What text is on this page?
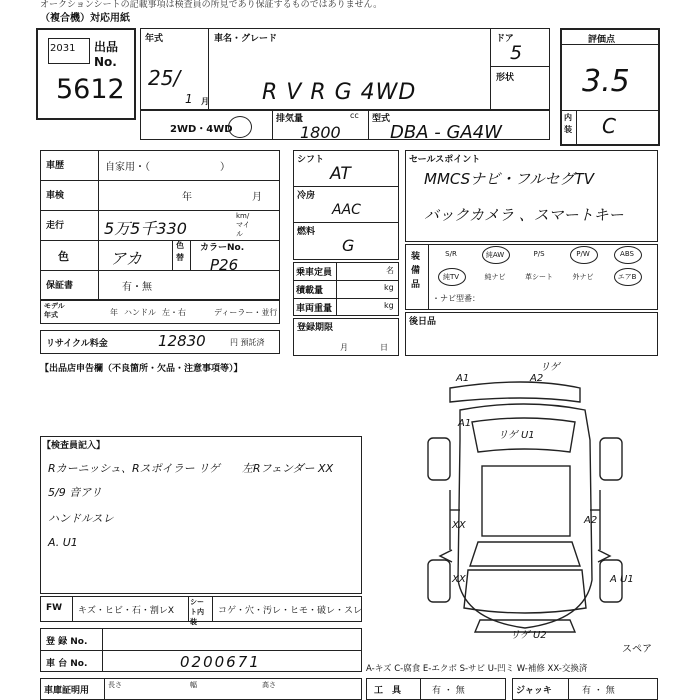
オークションシートの記載事項は検査員の所見であり保証するものではありません。
（複合機）対応用紙
2031 出品No.
5612
年式
25/
1 月
車名・グレード
R V R G 4WD
ドア
5
形状
評価点
3.5
内装 C
2WD・4WD
排気量	cc
1800
型式
DBA - GA4W
車歴	自家用・（　　　　　　　）
車検	年	月
走行 5万5千330
km/マイル
色	アカ
色替
カラーNo.
P26
保証書	有・無
モデル年式	年 ハンドル 左・右	ディーラー・並行
リサイクル料金	12830	円 預託済
シフト
AT
冷房
AAC
燃料
G
乗車定員	名
積載量	kg
車両重量	kg
登録期限
月	日
セールスポイント
MMCSナビ・フルセグTV
バックカメラ 、スマートキー
装備品
S/R	純AW	P/S	P/W	ABS
純TV	純ナビ	革シート	外ナビ	エアB
・ナビ型番：
後日品
【出品店申告欄（不良箇所・欠品・注意事項等）】
【検査員記入】
Rカーニッシュ、Rスポイラー リゲ　　左Rフェンダー XX
5/9 音アリ
ハンドルスレ
A. U1
A1	A2
リゲ
A1
リゲ U1
XX	A2
XX	A U1
リゲ U2
スペア
FW キズ・ヒビ・石・割レX
シート内装
コゲ・穴・汚レ・ヒモ・破レ・スレ
登 録 No.
車 台 No.	0200671	A-キズ C-腐食 E-エクボ S-サビ U-凹ミ W-補修 XX-交換済
車庫証明用
長さ	幅	高さ
工　具	有 ・ 無	ジャッキ	有 ・ 無
